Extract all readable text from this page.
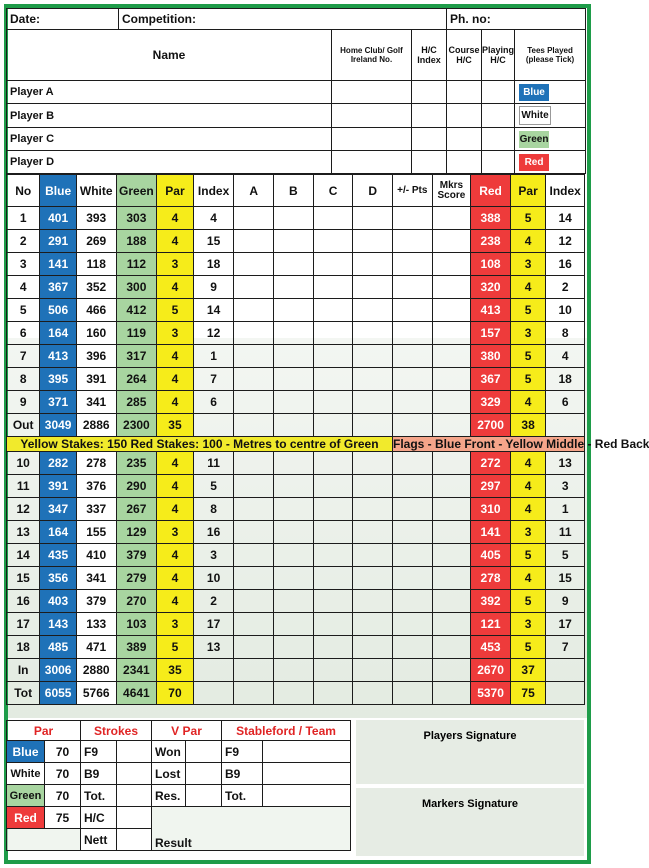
Date:	Competition:			Ph. no:		
Name		Home Club/ Golf Ireland No.	H/C Index	Course H/C	Playing H/C	Tees Played (please Tick)
Player A						Blue

Player B						White

Player C						Green

Player D						Red
No	Blue	White	Green	Par	Index	A	B	C	D	+/- Pts	Mkrs Score	Red	Par	Index
1	401	393	303	4	4							388	5	14
2	291	269	188	4	15							238	4	12
3	141	118	112	3	18							108	3	16
4	367	352	300	4	9							320	4	2
5	506	466	412	5	14							413	5	10
6	164	160	119	3	12							157	3	8
7	413	396	317	4	1							380	5	4
8	395	391	264	4	7							367	5	18
9	371	341	285	4	6							329	4	6
Out	3049	2886	2300	35								2700	38	
Yellow Stakes: 150 Red Stakes: 100 - Metres to centre of Green										Flags - Blue Front - Yellow Middle - Red Back				
10	282	278	235	4	11							272	4	13
11	391	376	290	4	5							297	4	3
12	347	337	267	4	8							310	4	1
13	164	155	129	3	16							141	3	11
14	435	410	379	4	3							405	5	5
15	356	341	279	4	10							278	4	15
16	403	379	270	4	2							392	5	9
17	143	133	103	3	17							121	3	17
18	485	471	389	5	13							453	5	7
In	3006	2880	2341	35								2670	37	
Tot	6055	5766	4641	70								5370	75	
Par		Strokes		V Par		Stableford / Team	
Blue	70	F9		Won		F9	
White	70	B9		Lost		B9	
Green	70	Tot.		Res.		Tot.	
Red	75	H/C		Result			
		Nett					
Players Signature
Markers Signature
